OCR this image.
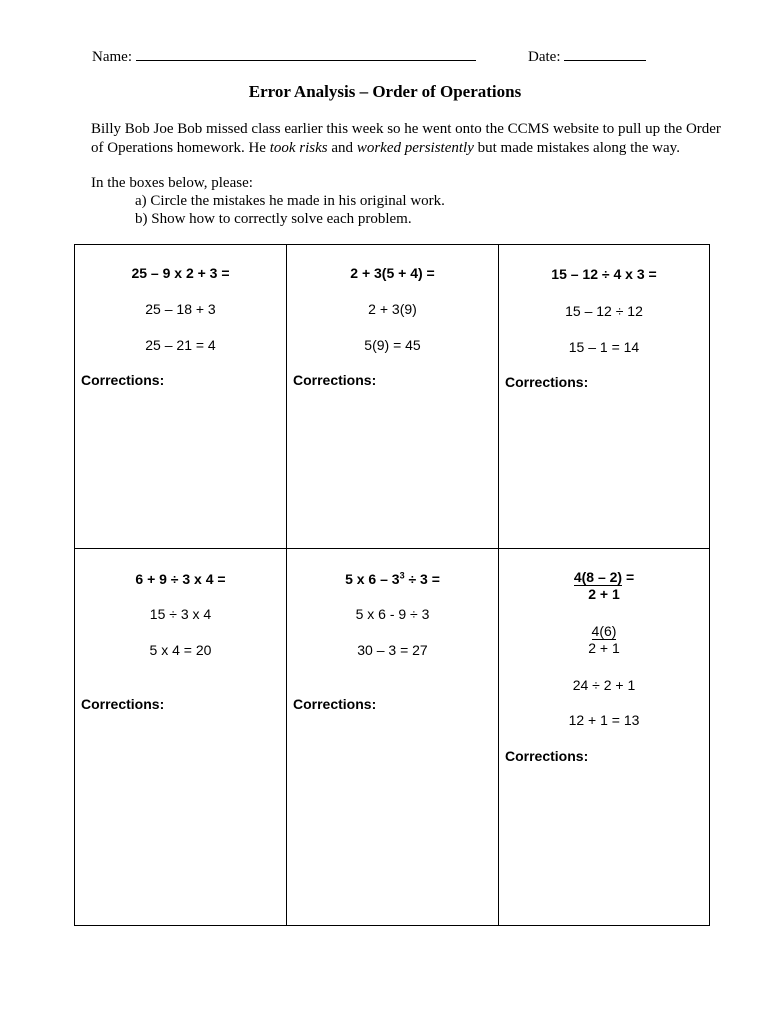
Name:	Date:
Error Analysis – Order of Operations
Billy Bob Joe Bob missed class earlier this week so he went onto the CCMS website to pull up the Order of Operations homework. He took risks and worked persistently but made mistakes along the way.
In the boxes below, please:
a) Circle the mistakes he made in his original work.
b) Show how to correctly solve each problem.
25 – 9 x 2 + 3 =
25 – 18 + 3
25 – 21 = 4
Corrections:
2 + 3(5 + 4) =
2 + 3(9)
5(9) = 45
Corrections:
15 – 12 ÷ 4 x 3 =
15 – 12 ÷ 12
15 – 1 = 14
Corrections:
6 + 9 ÷ 3 x 4 =
15 ÷ 3 x 4
5 x 4 = 20
Corrections:
5 x $6 - 3^3 \div 3$ =
5 x 6 - 9 ÷ 3
30 – 3 = 27
Corrections:
4(8 – 2) =
2 + 1
4(6)
2 + 1
24 ÷ 2 + 1
12 + 1 = 13
Corrections:
